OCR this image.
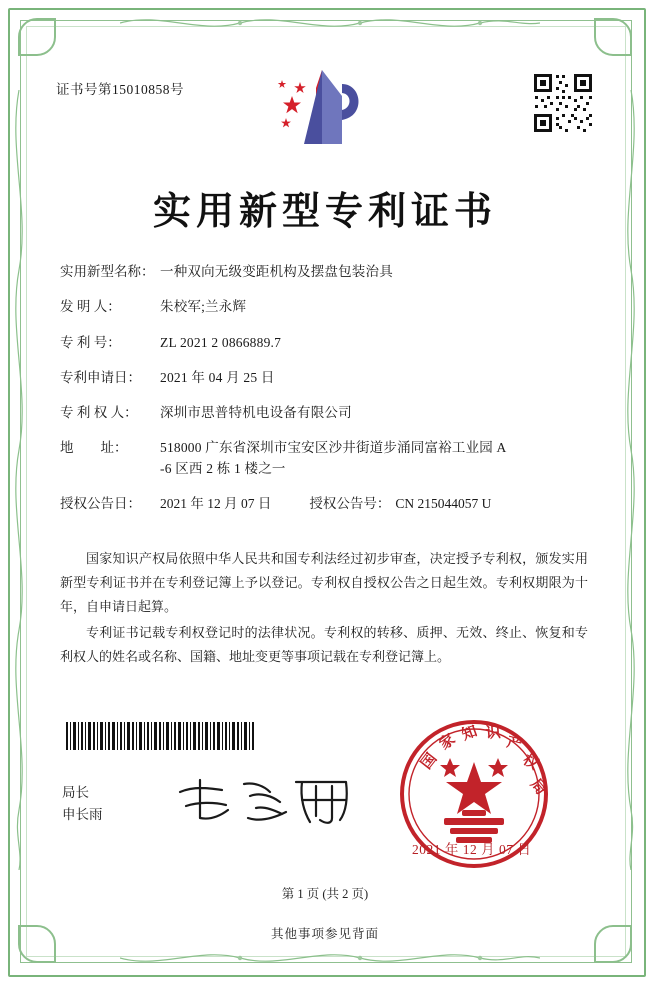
证书号第15010858号
实用新型专利证书
实用新型名称： 一种双向无级变距机构及摆盘包装治具
发 明 人：	朱校军;兰永辉
专 利 号：	ZL 2021 2 0866889.7
专利申请日：	2021 年 04 月 25 日
专 利 权 人：	深圳市思普特机电设备有限公司
地        址：	518000 广东省深圳市宝安区沙井街道步涌同富裕工业园 A
-6 区西 2 栋 1 楼之一
授权公告日：	2021 年 12 月 07 日	授权公告号： CN 215044057 U

国家知识产权局依照中华人民共和国专利法经过初步审查，决定授予专利权，颁发实用新型专利证书并在专利登记簿上予以登记。专利权自授权公告之日起生效。专利权期限为十年，自申请日起算。

专利证书记载专利权登记时的法律状况。专利权的转移、质押、无效、终止、恢复和专利权人的姓名或名称、国籍、地址变更等事项记载在专利登记簿上。

局长
申长雨
国
家 知 识 产
权
局
2021 年 12 月 07 日
第 1 页 (共 2 页)
其他事项参见背面
